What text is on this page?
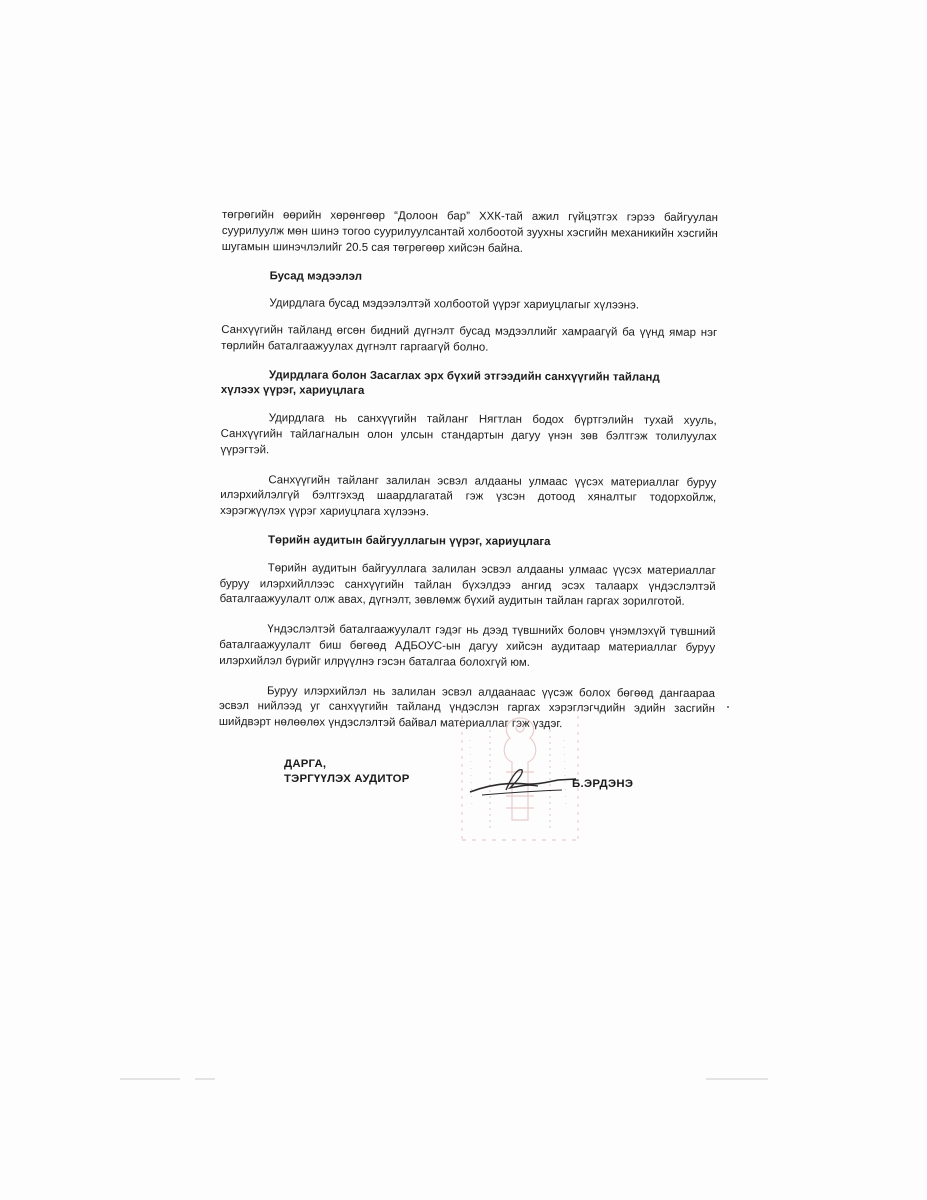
төгрөгийн өөрийн хөрөнгөөр “Долоон бар” ХХК-тай ажил гүйцэтгэх гэрээ байгуулан суурилуулж мөн шинэ тогоо суурилуулсантай холбоотой зуухны хэсгийн механикийн хэсгийн шугамын шинэчлэлийг 20.5 сая төгрөгөөр хийсэн байна.

Бусад мэдээлэл

Удирдлага бусад мэдээлэлтэй холбоотой үүрэг хариуцлагыг хүлээнэ.

Санхүүгийн тайланд өгсөн бидний дүгнэлт бусад мэдээллийг хамраагүй ба үүнд ямар нэг төрлийн баталгаажуулах дүгнэлт гаргаагүй болно.

Удирдлага болон Засаглах эрх бүхий этгээдийн санхүүгийн тайланд
хүлээх үүрэг, хариуцлага

Удирдлага нь санхүүгийн тайланг Нягтлан бодох бүртгэлийн тухай хууль, Санхүүгийн тайлагналын олон улсын стандартын дагуу үнэн зөв бэлтгэж толилуулах үүрэгтэй.

Санхүүгийн тайланг залилан эсвэл алдааны улмаас үүсэх материаллаг буруу илэрхийлэлгүй бэлтгэхэд шаардлагатай гэж үзсэн дотоод хяналтыг тодорхойлж, хэрэгжүүлэх үүрэг хариуцлага хүлээнэ.

Төрийн аудитын байгууллагын үүрэг, хариуцлага

Төрийн аудитын байгууллага залилан эсвэл алдааны улмаас үүсэх материаллаг буруу илэрхийллээс санхүүгийн тайлан бүхэлдээ ангид эсэх талаарх үндэслэлтэй баталгаажуулалт олж авах, дүгнэлт, зөвлөмж бүхий аудитын тайлан гаргах зорилготой.

Үндэслэлтэй баталгаажуулалт гэдэг нь дээд түвшнийх боловч үнэмлэхүй түвшний баталгаажуулалт биш бөгөөд АДБОУС-ын дагуу хийсэн аудитаар материаллаг буруу илэрхийлэл бүрийг илрүүлнэ гэсэн баталгаа болохгүй юм.

Буруу илэрхийлэл нь залилан эсвэл алдаанаас үүсэж болох бөгөөд дангаараа эсвэл нийлээд уг санхүүгийн тайланд үндэслэн гаргах хэрэглэгчдийн эдийн засгийн шийдвэрт нөлөөлөх үндэслэлтэй байвал материаллаг гэж үздэг.

ДАРГА,
ТЭРГҮҮЛЭХ АУДИТОР	Б.ЭРДЭНЭ
